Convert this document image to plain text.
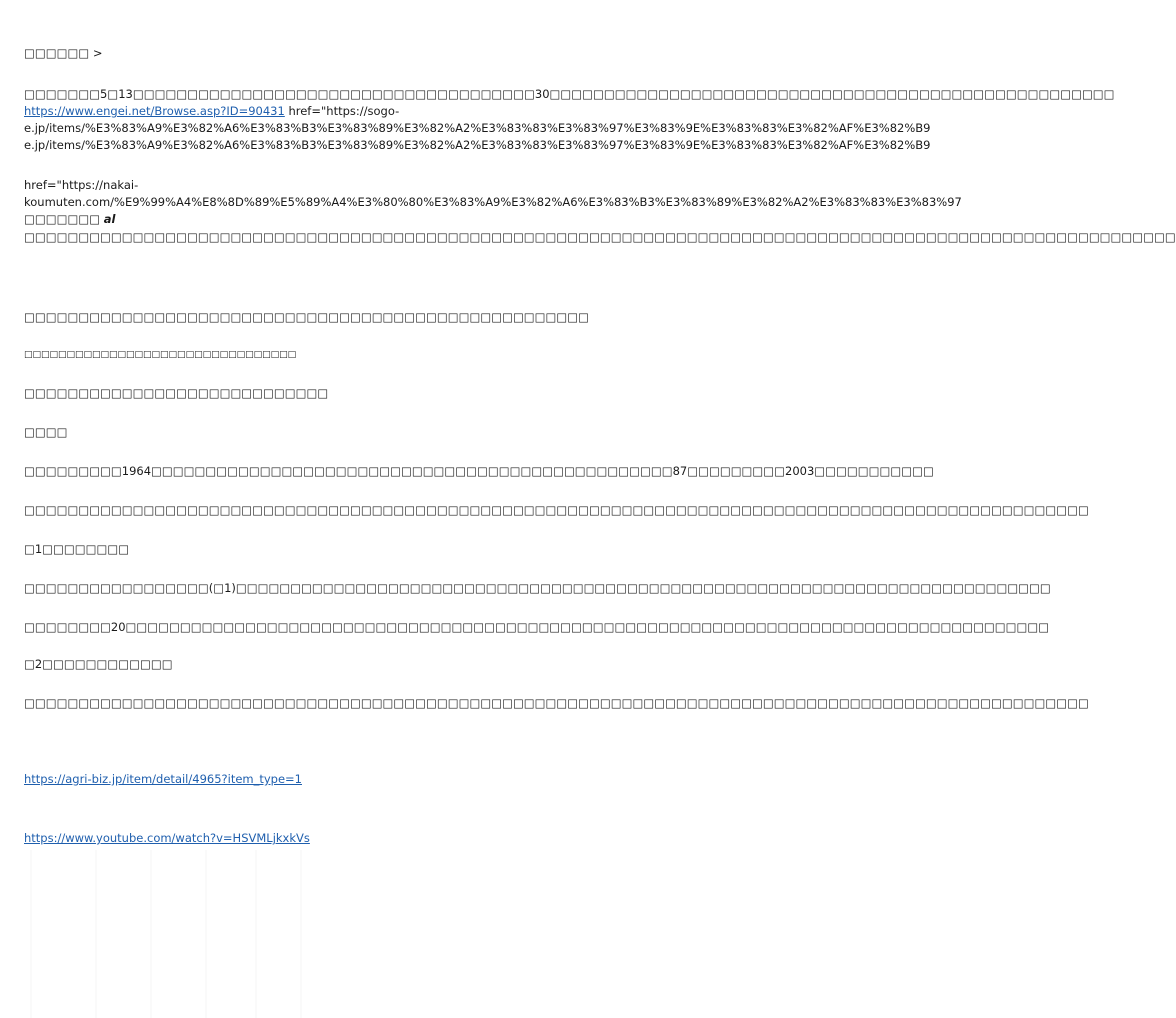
□□□□□□ >
□□□□□□□5□13□□□□□□□□□□□□□□□□□□□□□□□□□□□□□□□□□□□□□30□□□□□□□□□□□□□□□□□□□□□□□□□□□□□□□□□□□□□□□□□□□□□□□□□□□□
https://www.engei.net/Browse.asp?ID=90431 href="https://sogo-
e.jp/items/%E3%83%A9%E3%82%A6%E3%83%B3%E3%83%89%E3%82%A2%E3%83%83%E3%83%97%E3%83%9E%E3%83%83%E3%82%AF%E3%82%B9
e.jp/items/%E3%83%A9%E3%82%A6%E3%83%B3%E3%83%89%E3%82%A2%E3%83%83%E3%83%97%E3%83%9E%E3%83%83%E3%82%AF%E3%82%B9
href="https://nakai-
koumuten.com/%E9%99%A4%E8%8D%89%E5%89%A4%E3%80%80%E3%83%A9%E3%82%A6%E3%83%B3%E3%83%89%E3%82%A2%E3%83%83%E3%83%97
□□□□□□□ al
□□□□□□□□□□□□□□□□□□□□□□□□□□□□□□□□□□□□□□□□□□□□□□□□□□□□□□□□□□□□□□□□□□□□□□□□□□□□□□□□□□□□□□□□□□□□□□□□□□□□□□□□□□
□□□□□□□□□□□□□□□□□□□□□□□□□□□□□□□□□□□□□□□□□□□□□□□□□□□□
□□□□□□□□□□□□□□□□□□□□□□□□□□□□□□□□
□□□□□□□□□□□□□□□□□□□□□□□□□□□□
□□□□
□□□□□□□□□1964□□□□□□□□□□□□□□□□□□□□□□□□□□□□□□□□□□□□□□□□□□□□□□□□87□□□□□□□□□2003□□□□□□□□□□□
□□□□□□□□□□□□□□□□□□□□□□□□□□□□□□□□□□□□□□□□□□□□□□□□□□□□□□□□□□□□□□□□□□□□□□□□□□□□□□□□□□□□□□□□□□□□□□□□□□
□1□□□□□□□□
□□□□□□□□□□□□□□□□□(□1)□□□□□□□□□□□□□□□□□□□□□□□□□□□□□□□□□□□□□□□□□□□□□□□□□□□□□□□□□□□□□□□□□□□□□□□□□□□
□□□□□□□□20□□□□□□□□□□□□□□□□□□□□□□□□□□□□□□□□□□□□□□□□□□□□□□□□□□□□□□□□□□□□□□□□□□□□□□□□□□□□□□□□□□□□□
□2□□□□□□□□□□□□
□□□□□□□□□□□□□□□□□□□□□□□□□□□□□□□□□□□□□□□□□□□□□□□□□□□□□□□□□□□□□□□□□□□□□□□□□□□□□□□□□□□□□□□□□□□□□□□□□□
https://agri-biz.jp/item/detail/4965?item_type=1
https://www.youtube.com/watch?v=HSVMLjkxkVs
